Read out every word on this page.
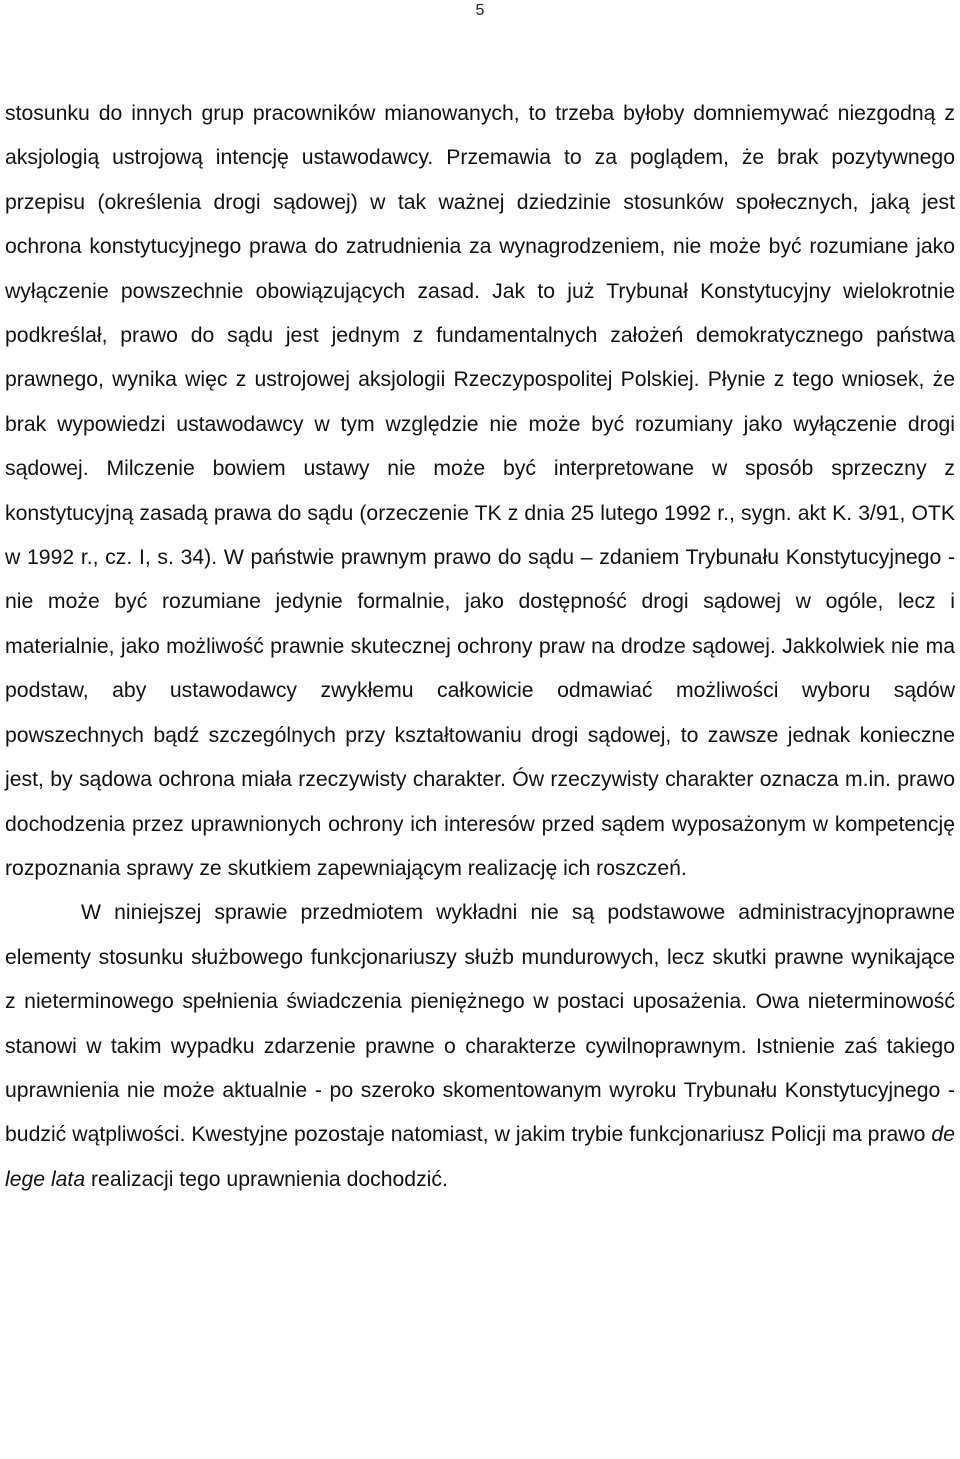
5

stosunku do innych grup pracowników mianowanych, to trzeba byłoby domniemywać niezgodną z aksjologią ustrojową intencję ustawodawcy. Przemawia to za poglądem, że brak pozytywnego przepisu (określenia drogi sądowej) w tak ważnej dziedzinie stosunków społecznych, jaką jest ochrona konstytucyjnego prawa do zatrudnienia za wynagrodzeniem, nie może być rozumiane jako wyłączenie powszechnie obowiązujących zasad. Jak to już Trybunał Konstytucyjny wielokrotnie podkreślał, prawo do sądu jest jednym z fundamentalnych założeń demokratycznego państwa prawnego, wynika więc z ustrojowej aksjologii Rzeczypospolitej Polskiej. Płynie z tego wniosek, że brak wypowiedzi ustawodawcy w tym względzie nie może być rozumiany jako wyłączenie drogi sądowej. Milczenie bowiem ustawy nie może być interpretowane w sposób sprzeczny z konstytucyjną zasadą prawa do sądu (orzeczenie TK z dnia 25 lutego 1992 r., sygn. akt K. 3/91, OTK w 1992 r., cz. I, s. 34). W państwie prawnym prawo do sądu – zdaniem Trybunału Konstytucyjnego - nie może być rozumiane jedynie formalnie, jako dostępność drogi sądowej w ogóle, lecz i materialnie, jako możliwość prawnie skutecznej ochrony praw na drodze sądowej. Jakkolwiek nie ma podstaw, aby ustawodawcy zwykłemu całkowicie odmawiać możliwości wyboru sądów powszechnych bądź szczególnych przy kształtowaniu drogi sądowej, to zawsze jednak konieczne jest, by sądowa ochrona miała rzeczywisty charakter. Ów rzeczywisty charakter oznacza m.in. prawo dochodzenia przez uprawnionych ochrony ich interesów przed sądem wyposażonym w kompetencję rozpoznania sprawy ze skutkiem zapewniającym realizację ich roszczeń.

W niniejszej sprawie przedmiotem wykładni nie są podstawowe administracyjnoprawne elementy stosunku służbowego funkcjonariuszy służb mundurowych, lecz skutki prawne wynikające z nieterminowego spełnienia świadczenia pieniężnego w postaci uposażenia. Owa nieterminowość stanowi w takim wypadku zdarzenie prawne o charakterze cywilnoprawnym. Istnienie zaś takiego uprawnienia nie może aktualnie - po szeroko skomentowanym wyroku Trybunału Konstytucyjnego - budzić wątpliwości. Kwestyjne pozostaje natomiast, w jakim trybie funkcjonariusz Policji ma prawo de lege lata realizacji tego uprawnienia dochodzić.
